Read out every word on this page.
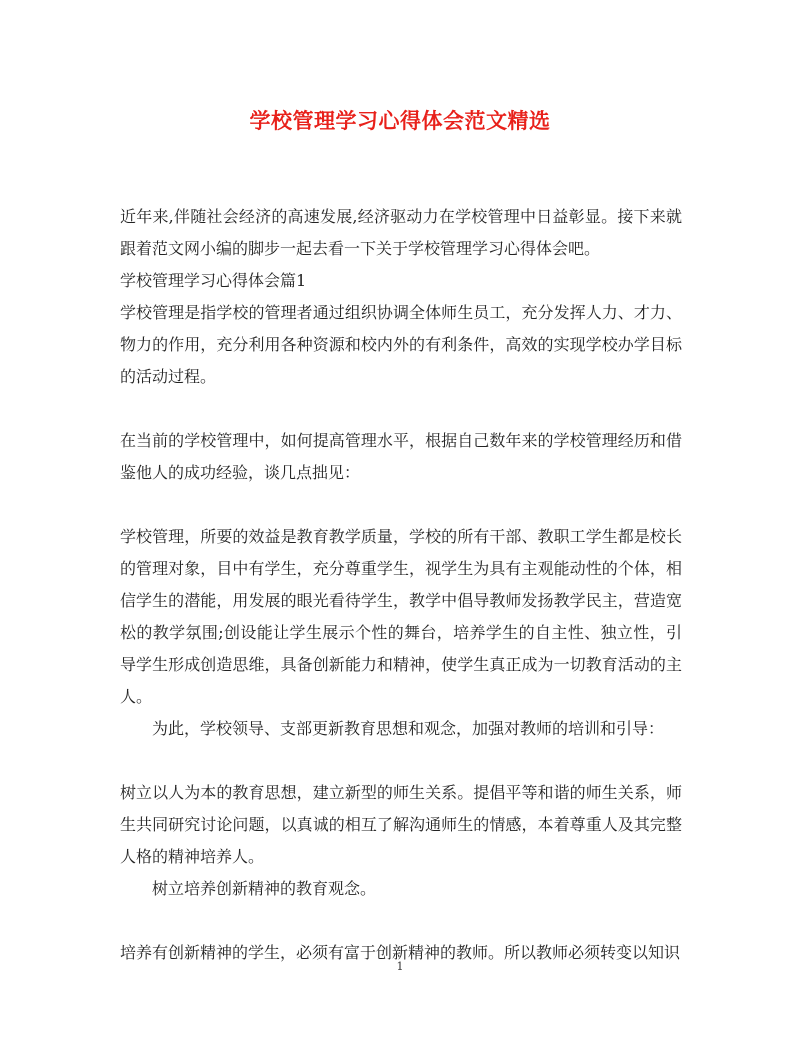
学校管理学习心得体会范文精选

近年来,伴随社会经济的高速发展,经济驱动力在学校管理中日益彰显。接下来就跟着范文网小编的脚步一起去看一下关于学校管理学习心得体会吧。

学校管理学习心得体会篇1

学校管理是指学校的管理者通过组织协调全体师生员工，充分发挥人力、才力、物力的作用，充分利用各种资源和校内外的有利条件，高效的实现学校办学目标的活动过程。

在当前的学校管理中，如何提高管理水平，根据自己数年来的学校管理经历和借鉴他人的成功经验，谈几点拙见：

学校管理，所要的效益是教育教学质量，学校的所有干部、教职工学生都是校长的管理对象，目中有学生，充分尊重学生，视学生为具有主观能动性的个体，相信学生的潜能，用发展的眼光看待学生，教学中倡导教师发扬教学民主，营造宽松的教学氛围;创设能让学生展示个性的舞台，培养学生的自主性、独立性，引导学生形成创造思维，具备创新能力和精神，使学生真正成为一切教育活动的主人。

为此，学校领导、支部更新教育思想和观念，加强对教师的培训和引导：

树立以人为本的教育思想，建立新型的师生关系。提倡平等和谐的师生关系，师生共同研究讨论问题，以真诚的相互了解沟通师生的情感，本着尊重人及其完整人格的精神培养人。

树立培养创新精神的教育观念。

培养有创新精神的学生，必须有富于创新精神的教师。所以教师必须转变以知识

1
